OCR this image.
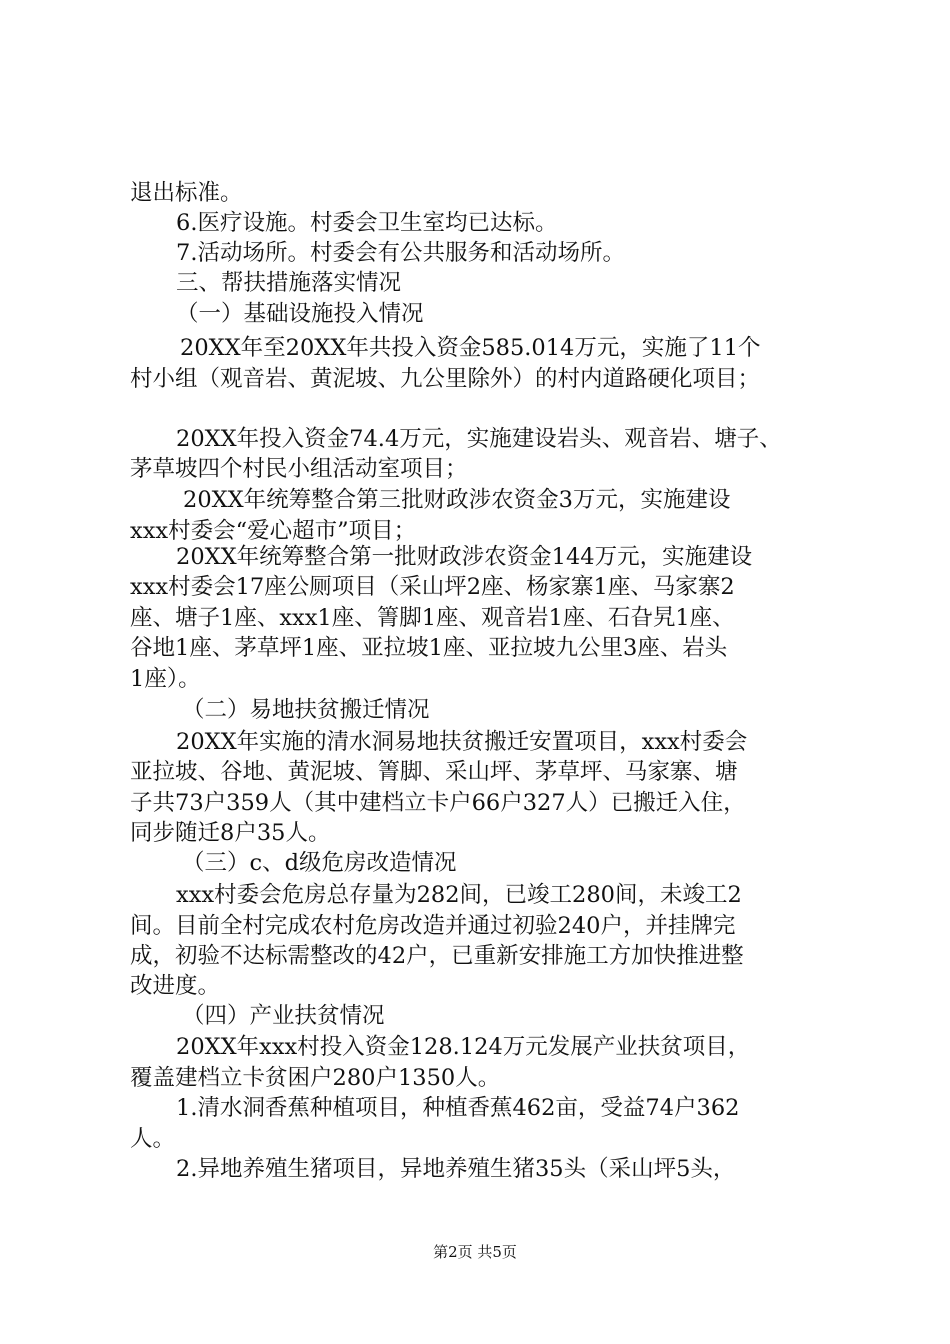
退出标准。
6.医疗设施。村委会卫生室均已达标。
7.活动场所。村委会有公共服务和活动场所。
三、帮扶措施落实情况
（一）基础设施投入情况
20XX年至20XX年共投入资金585.014万元，实施了11个
村小组（观音岩、黄泥坡、九公里除外）的村内道路硬化项目；
20XX年投入资金74.4万元，实施建设岩头、观音岩、塘子、
茅草坡四个村民小组活动室项目；
20XX年统筹整合第三批财政涉农资金3万元，实施建设
xxx村委会“爱心超市”项目；
20XX年统筹整合第一批财政涉农资金144万元，实施建设
xxx村委会17座公厕项目（采山坪2座、杨家寨1座、马家寨2
座、塘子1座、xxx1座、箐脚1座、观音岩1座、石旮旯1座、
谷地1座、茅草坪1座、亚拉坡1座、亚拉坡九公里3座、岩头
1座）。
（二）易地扶贫搬迁情况
20XX年实施的清水洞易地扶贫搬迁安置项目，xxx村委会
亚拉坡、谷地、黄泥坡、箐脚、采山坪、茅草坪、马家寨、塘
子共73户359人（其中建档立卡户66户327人）已搬迁入住，
同步随迁8户35人。
（三）c、d级危房改造情况
xxx村委会危房总存量为282间，已竣工280间，未竣工2
间。目前全村完成农村危房改造并通过初验240户，并挂牌完
成，初验不达标需整改的42户，已重新安排施工方加快推进整
改进度。
（四）产业扶贫情况
20XX年xxx村投入资金128.124万元发展产业扶贫项目，
覆盖建档立卡贫困户280户1350人。
1.清水洞香蕉种植项目，种植香蕉462亩，受益74户362
人。
2.异地养殖生猪项目，异地养殖生猪35头（采山坪5头，
第2页 共5页
